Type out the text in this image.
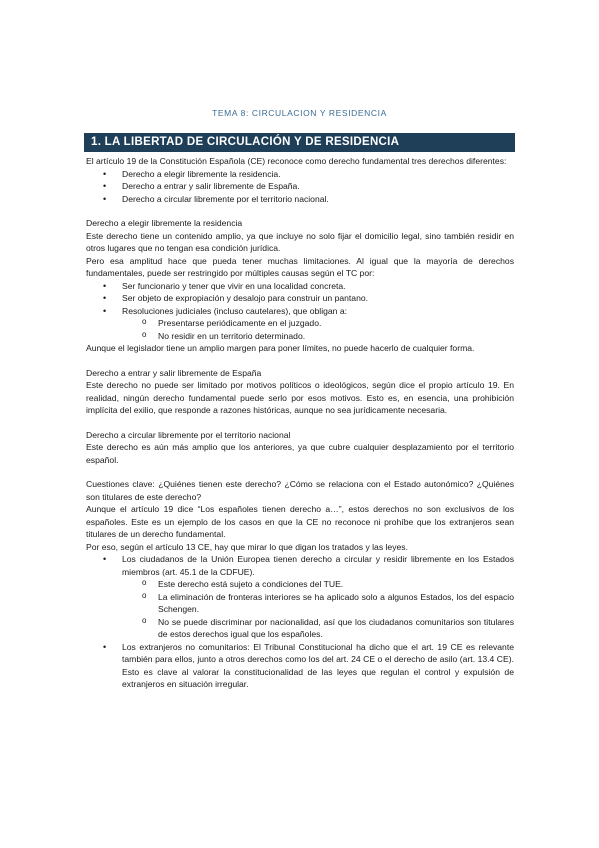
TEMA 8: CIRCULACION Y RESIDENCIA
1. LA LIBERTAD DE CIRCULACIÓN Y DE RESIDENCIA

El artículo 19 de la Constitución Española (CE) reconoce como derecho fundamental tres derechos diferentes:

• Derecho a elegir libremente la residencia.
• Derecho a entrar y salir libremente de España.
• Derecho a circular libremente por el territorio nacional.

Derecho a elegir libremente la residencia

Este derecho tiene un contenido amplio, ya que incluye no solo fijar el domicilio legal, sino también residir en otros lugares que no tengan esa condición jurídica.

Pero esa amplitud hace que pueda tener muchas limitaciones. Al igual que la mayoría de derechos fundamentales, puede ser restringido por múltiples causas según el TC por:

• Ser funcionario y tener que vivir en una localidad concreta.
• Ser objeto de expropiación y desalojo para construir un pantano.
• Resoluciones judiciales (incluso cautelares), que obligan a:
o Presentarse periódicamente en el juzgado.
o No residir en un territorio determinado.

Aunque el legislador tiene un amplio margen para poner límites, no puede hacerlo de cualquier forma.

Derecho a entrar y salir libremente de España

Este derecho no puede ser limitado por motivos políticos o ideológicos, según dice el propio artículo 19. En realidad, ningún derecho fundamental puede serlo por esos motivos. Esto es, en esencia, una prohibición implícita del exilio, que responde a razones históricas, aunque no sea jurídicamente necesaria.

Derecho a circular libremente por el territorio nacional

Este derecho es aún más amplio que los anteriores, ya que cubre cualquier desplazamiento por el territorio español.

Cuestiones clave: ¿Quiénes tienen este derecho? ¿Cómo se relaciona con el Estado autonómico? ¿Quiénes son titulares de este derecho?

Aunque el artículo 19 dice “Los españoles tienen derecho a…”, estos derechos no son exclusivos de los españoles. Este es un ejemplo de los casos en que la CE no reconoce ni prohíbe que los extranjeros sean titulares de un derecho fundamental.

Por eso, según el artículo 13 CE, hay que mirar lo que digan los tratados y las leyes.

• Los ciudadanos de la Unión Europea tienen derecho a circular y residir libremente en los Estados miembros (art. 45.1 de la CDFUE).
o Este derecho está sujeto a condiciones del TUE.
o La eliminación de fronteras interiores se ha aplicado solo a algunos Estados, los del espacio Schengen.
o No se puede discriminar por nacionalidad, así que los ciudadanos comunitarios son titulares de estos derechos igual que los españoles.
• Los extranjeros no comunitarios: El Tribunal Constitucional ha dicho que el art. 19 CE es relevante también para ellos, junto a otros derechos como los del art. 24 CE o el derecho de asilo (art. 13.4 CE). Esto es clave al valorar la constitucionalidad de las leyes que regulan el control y expulsión de extranjeros en situación irregular.
